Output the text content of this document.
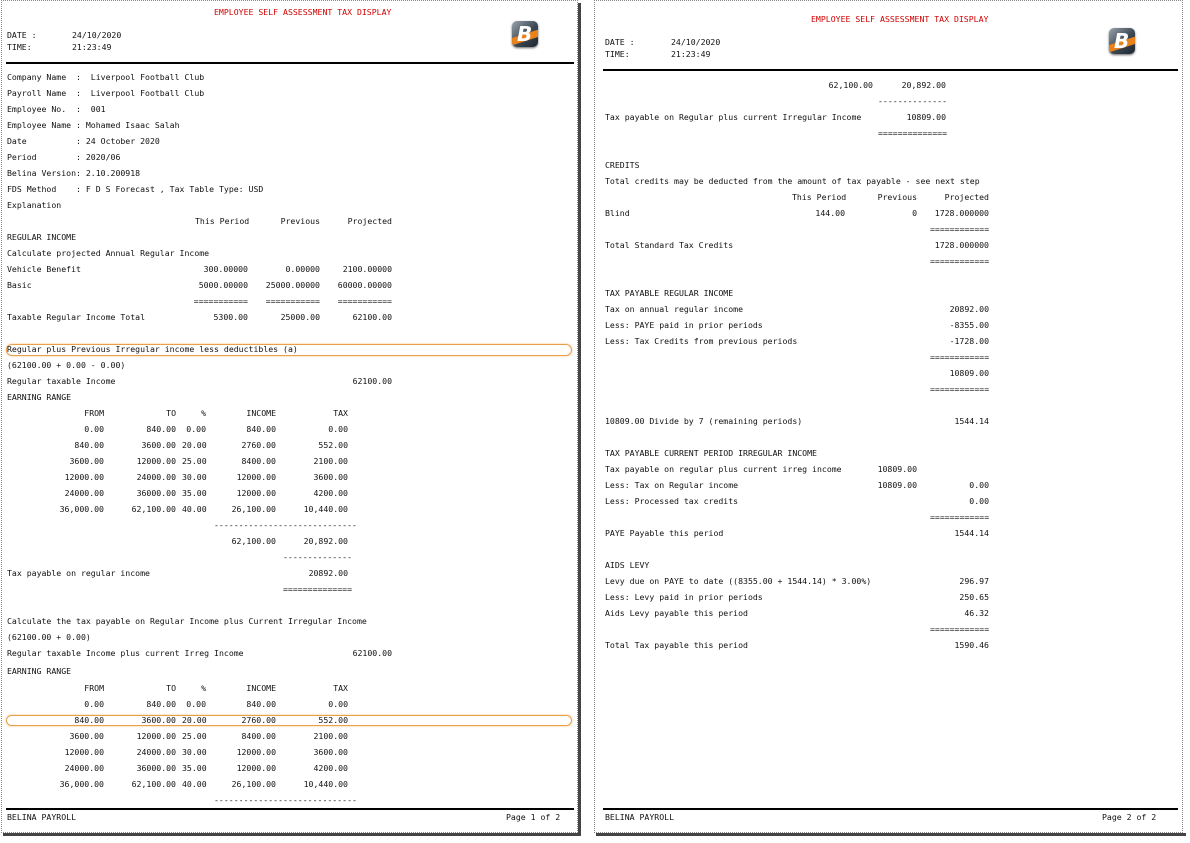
EMPLOYEE SELF ASSESSMENT TAX DISPLAY
DATE :	24/10/2020
TIME:	21:23:49
B
Company Name  :  Liverpool Football Club
Payroll Name  :  Liverpool Football Club
Employee No.  :  001
Employee Name : Mohamed Isaac Salah
Date          : 24 October 2020
Period        : 2020/06
Belina Version: 2.10.200918
FDS Method    : F D S Forecast , Tax Table Type: USD
Explanation
This Period	Previous	Projected
REGULAR INCOME
Calculate projected Annual Regular Income
Vehicle Benefit	300.00000	0.00000	2100.00000
Basic	5000.00000	25000.00000	60000.00000
===========	===========	===========
Taxable Regular Income Total	5300.00	25000.00	62100.00
Regular plus Previous Irregular income less deductibles (a)
(62100.00 + 0.00 - 0.00)
Regular taxable Income	62100.00
EARNING RANGE
FROM	TO	%	INCOME	TAX
0.00	840.00	0.00	840.00	0.00
840.00	3600.00 20.00	2760.00	552.00
3600.00	12000.00 25.00	8400.00	2100.00
12000.00	24000.00 30.00	12000.00	3600.00
24000.00	36000.00 35.00	12000.00	4200.00
36,000.00	62,100.00 40.00	26,100.00	10,440.00
-----------------------------
62,100.00	20,892.00
--------------
Tax payable on regular income	20892.00
==============
Calculate the tax payable on Regular Income plus Current Irregular Income
(62100.00 + 0.00)
Regular taxable Income plus current Irreg Income	62100.00
EARNING RANGE
FROM	TO	%	INCOME	TAX
0.00	840.00	0.00	840.00	0.00
840.00	3600.00 20.00	2760.00	552.00
3600.00	12000.00 25.00	8400.00	2100.00
12000.00	24000.00 30.00	12000.00	3600.00
24000.00	36000.00 35.00	12000.00	4200.00
36,000.00	62,100.00 40.00	26,100.00	10,440.00
-----------------------------
BELINA PAYROLL	Page 1 of 2
EMPLOYEE SELF ASSESSMENT TAX DISPLAY
DATE :	24/10/2020
TIME:	21:23:49
B
62,100.00	20,892.00
--------------
Tax payable on Regular plus current Irregular Income	10809.00
==============
CREDITS
Total credits may be deducted from the amount of tax payable - see next step
This Period	Previous	Projected
Blind	144.00	0	1728.000000
============
Total Standard Tax Credits	1728.000000
============
TAX PAYABLE REGULAR INCOME
Tax on annual regular income	20892.00
Less: PAYE paid in prior periods	-8355.00
Less: Tax Credits from previous periods	-1728.00
============
10809.00
============
10809.00 Divide by 7 (remaining periods)	1544.14
TAX PAYABLE CURRENT PERIOD IRREGULAR INCOME
Tax payable on regular plus current irreg income	10809.00
Less: Tax on Regular income	10809.00	0.00
Less: Processed tax credits	0.00
============
PAYE Payable this period	1544.14
AIDS LEVY
Levy due on PAYE to date ((8355.00 + 1544.14) * 3.00%)	296.97
Less: Levy paid in prior periods	250.65
Aids Levy payable this period	46.32
============
Total Tax payable this period	1590.46
BELINA PAYROLL	Page 2 of 2
